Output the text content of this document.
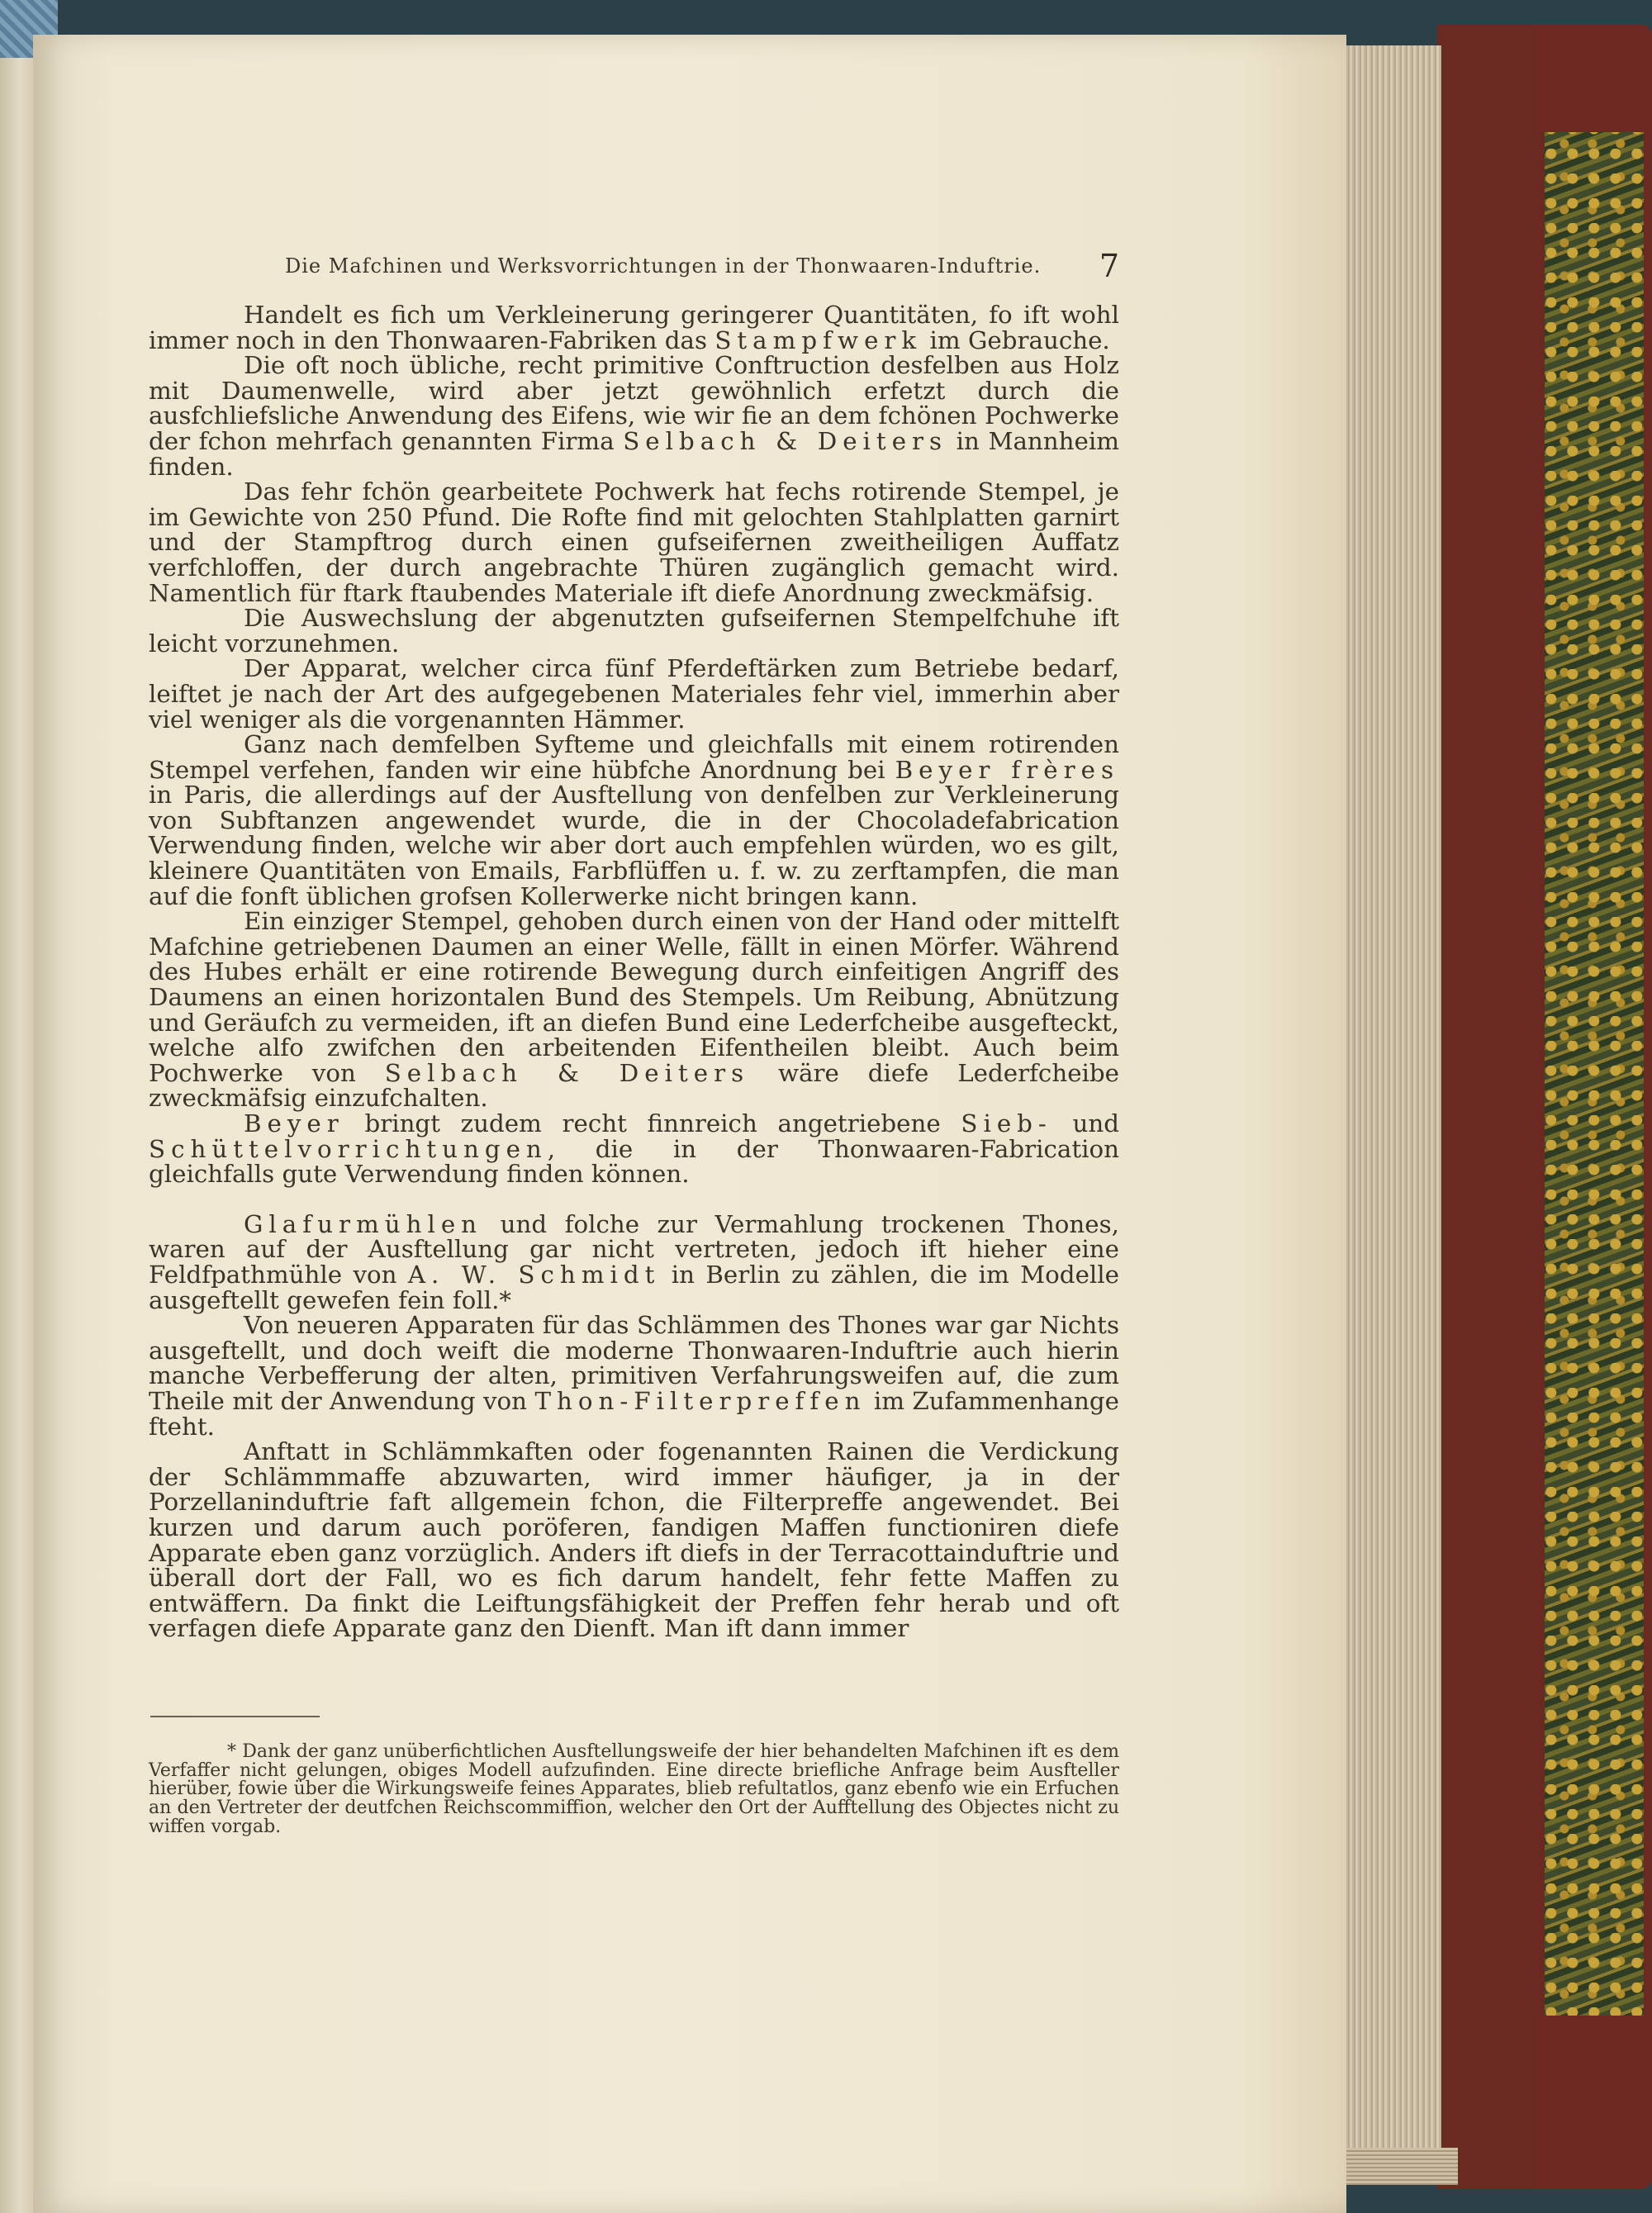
Die Mafchinen und Werksvorrichtungen in der Thonwaaren-Induftrie. 7

Handelt es fich um Verkleinerung geringerer Quantitäten, fo ift wohl immer noch in den Thonwaaren-Fabriken das Stampfwerk im Gebrauche.

Die oft noch übliche, recht primitive Conftruction desfelben aus Holz mit Daumenwelle, wird aber jetzt gewöhnlich erfetzt durch die ausfchliefsliche Anwendung des Eifens, wie wir fie an dem fchönen Pochwerke der fchon mehrfach genannten Firma Selbach & Deiters in Mannheim finden.

Das fehr fchön gearbeitete Pochwerk hat fechs rotirende Stempel, je im Gewichte von 250 Pfund. Die Rofte find mit gelochten Stahlplatten garnirt und der Stampftrog durch einen gufseifernen zweitheiligen Auffatz verfchloffen, der durch angebrachte Thüren zugänglich gemacht wird. Namentlich für ftark ftaubendes Materiale ift diefe Anordnung zweckmäfsig.

Die Auswechslung der abgenutzten gufseifernen Stempelfchuhe ift leicht vorzunehmen.

Der Apparat, welcher circa fünf Pferdeftärken zum Betriebe bedarf, leiftet je nach der Art des aufgegebenen Materiales fehr viel, immerhin aber viel weniger als die vorgenannten Hämmer.

Ganz nach demfelben Syfteme und gleichfalls mit einem rotirenden Stempel verfehen, fanden wir eine hübfche Anordnung bei Beyer frères in Paris, die allerdings auf der Ausftellung von denfelben zur Verkleinerung von Subftanzen angewendet wurde, die in der Chocoladefabrication Verwendung finden, welche wir aber dort auch empfehlen würden, wo es gilt, kleinere Quantitäten von Emails, Farbflüffen u. f. w. zu zerftampfen, die man auf die fonft üblichen grofsen Kollerwerke nicht bringen kann.

Ein einziger Stempel, gehoben durch einen von der Hand oder mittelft Mafchine getriebenen Daumen an einer Welle, fällt in einen Mörfer. Während des Hubes erhält er eine rotirende Bewegung durch einfeitigen Angriff des Daumens an einen horizontalen Bund des Stempels. Um Reibung, Abnützung und Geräufch zu vermeiden, ift an diefen Bund eine Lederfcheibe ausgefteckt, welche alfo zwifchen den arbeitenden Eifentheilen bleibt. Auch beim Pochwerke von Selbach & Deiters wäre diefe Lederfcheibe zweckmäfsig einzufchalten.

Beyer bringt zudem recht finnreich angetriebene Sieb- und Schüttelvorrichtungen, die in der Thonwaaren-Fabrication gleichfalls gute Verwendung finden können.

Glafurmühlen und folche zur Vermahlung trockenen Thones, waren auf der Ausftellung gar nicht vertreten, jedoch ift hieher eine Feldfpathmühle von A. W. Schmidt in Berlin zu zählen, die im Modelle ausgeftellt gewefen fein foll.*

Von neueren Apparaten für das Schlämmen des Thones war gar Nichts ausgeftellt, und doch weift die moderne Thonwaaren-Induftrie auch hierin manche Verbefferung der alten, primitiven Verfahrungsweifen auf, die zum Theile mit der Anwendung von Thon-Filterpreffen im Zufammenhange fteht.

Anftatt in Schlämmkaften oder fogenannten Rainen die Verdickung der Schlämmmaffe abzuwarten, wird immer häufiger, ja in der Porzellaninduftrie faft allgemein fchon, die Filterpreffe angewendet. Bei kurzen und darum auch poröferen, fandigen Maffen functioniren diefe Apparate eben ganz vorzüglich. Anders ift diefs in der Terracottainduftrie und überall dort der Fall, wo es fich darum handelt, fehr fette Maffen zu entwäffern. Da finkt die Leiftungsfähigkeit der Preffen fehr herab und oft verfagen diefe Apparate ganz den Dienft. Man ift dann immer

* Dank der ganz unüberfichtlichen Ausftellungsweife der hier behandelten Mafchinen ift es dem Verfaffer nicht gelungen, obiges Modell aufzufinden. Eine directe briefliche Anfrage beim Ausfteller hierüber, fowie über die Wirkungsweife feines Apparates, blieb refultatlos, ganz ebenfo wie ein Erfuchen an den Vertreter der deutfchen Reichscommiffion, welcher den Ort der Aufftellung des Objectes nicht zu wiffen vorgab.
